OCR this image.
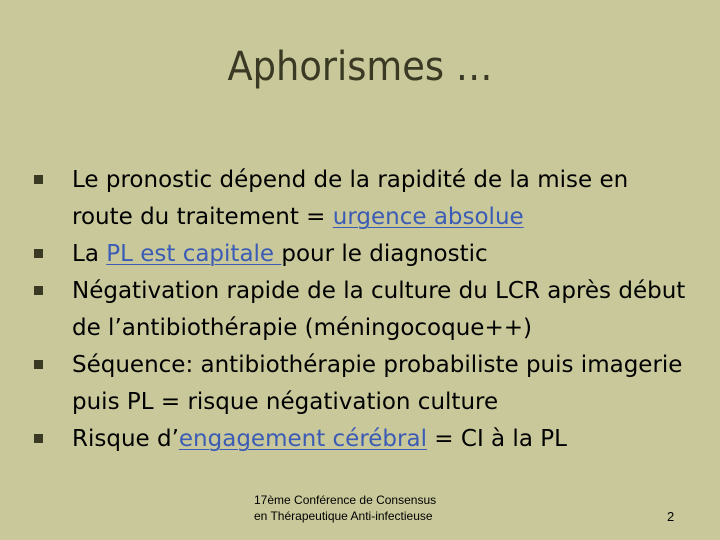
Aphorismes …
Le pronostic dépend de la rapidité de la mise en route du traitement = urgence absolue
La PL est capitale pour le diagnostic
Négativation rapide de la culture du LCR après début de l’antibiothérapie (méningocoque++)
Séquence: antibiothérapie probabiliste puis imagerie puis PL = risque négativation culture
Risque d’engagement cérébral = CI à la PL
17ème Conférence de Consensus
en Thérapeutique Anti-infectieuse	2
